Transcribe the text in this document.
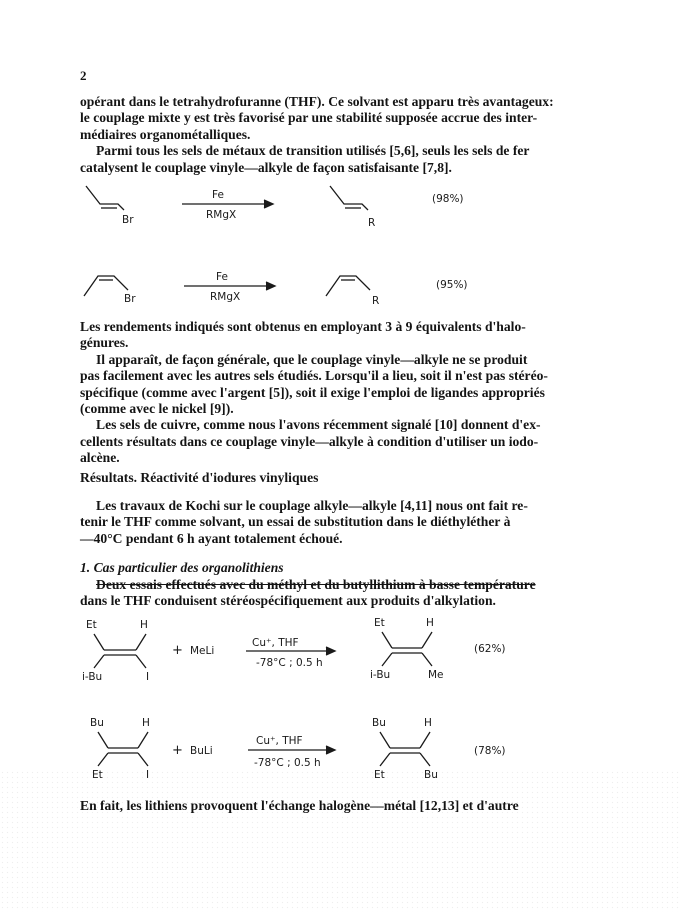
2

opérant dans le tetrahydrofuranne (THF). Ce solvant est apparu très avantageux:
le couplage mixte y est très favorisé par une stabilité supposée accrue des inter-
médiaires organométalliques.
Parmi tous les sels de métaux de transition utilisés [5,6], seuls les sels de fer
catalysent le couplage vinyle—alkyle de façon satisfaisante [7,8].

Br
Fe
RMgX
R
(98%)
Br
Fe
RMgX	R
(95%)

Les rendements indiqués sont obtenus en employant 3 à 9 équivalents d'halo-
génures.
Il apparaît, de façon générale, que le couplage vinyle—alkyle ne se produit
pas facilement avec les autres sels étudiés. Lorsqu'il a lieu, soit il n'est pas stéréo-
spécifique (comme avec l'argent [5]), soit il exige l'emploi de ligandes appropriés
(comme avec le nickel [9]).
Les sels de cuivre, comme nous l'avons récemment signalé [10] donnent d'ex-
cellents résultats dans ce couplage vinyle—alkyle à condition d'utiliser un iodo-
alcène.

Résultats. Réactivité d'iodures vinyliques

Les travaux de Kochi sur le couplage alkyle—alkyle [4,11] nous ont fait re-
tenir le THF comme solvant, un essai de substitution dans le diéthyléther à
—40°C pendant 6 h ayant totalement échoué.

1. Cas particulier des organolithiens

Deux essais effectués avec du méthyl et du butyllithium à basse température
dans le THF conduisent stéréospécifiquement aux produits d'alkylation.

Et	H
i-Bu	I
+ MeLi
Cu⁺, THF
-78°C ; 0.5 h
Et	H
i-Bu	Me
(62%)
Bu	H
Et	I
+ BuLi
Cu⁺, THF
-78°C ; 0.5 h
Bu	H
Et	Bu
(78%)

En fait, les lithiens provoquent l'échange halogène—métal [12,13] et d'autre
